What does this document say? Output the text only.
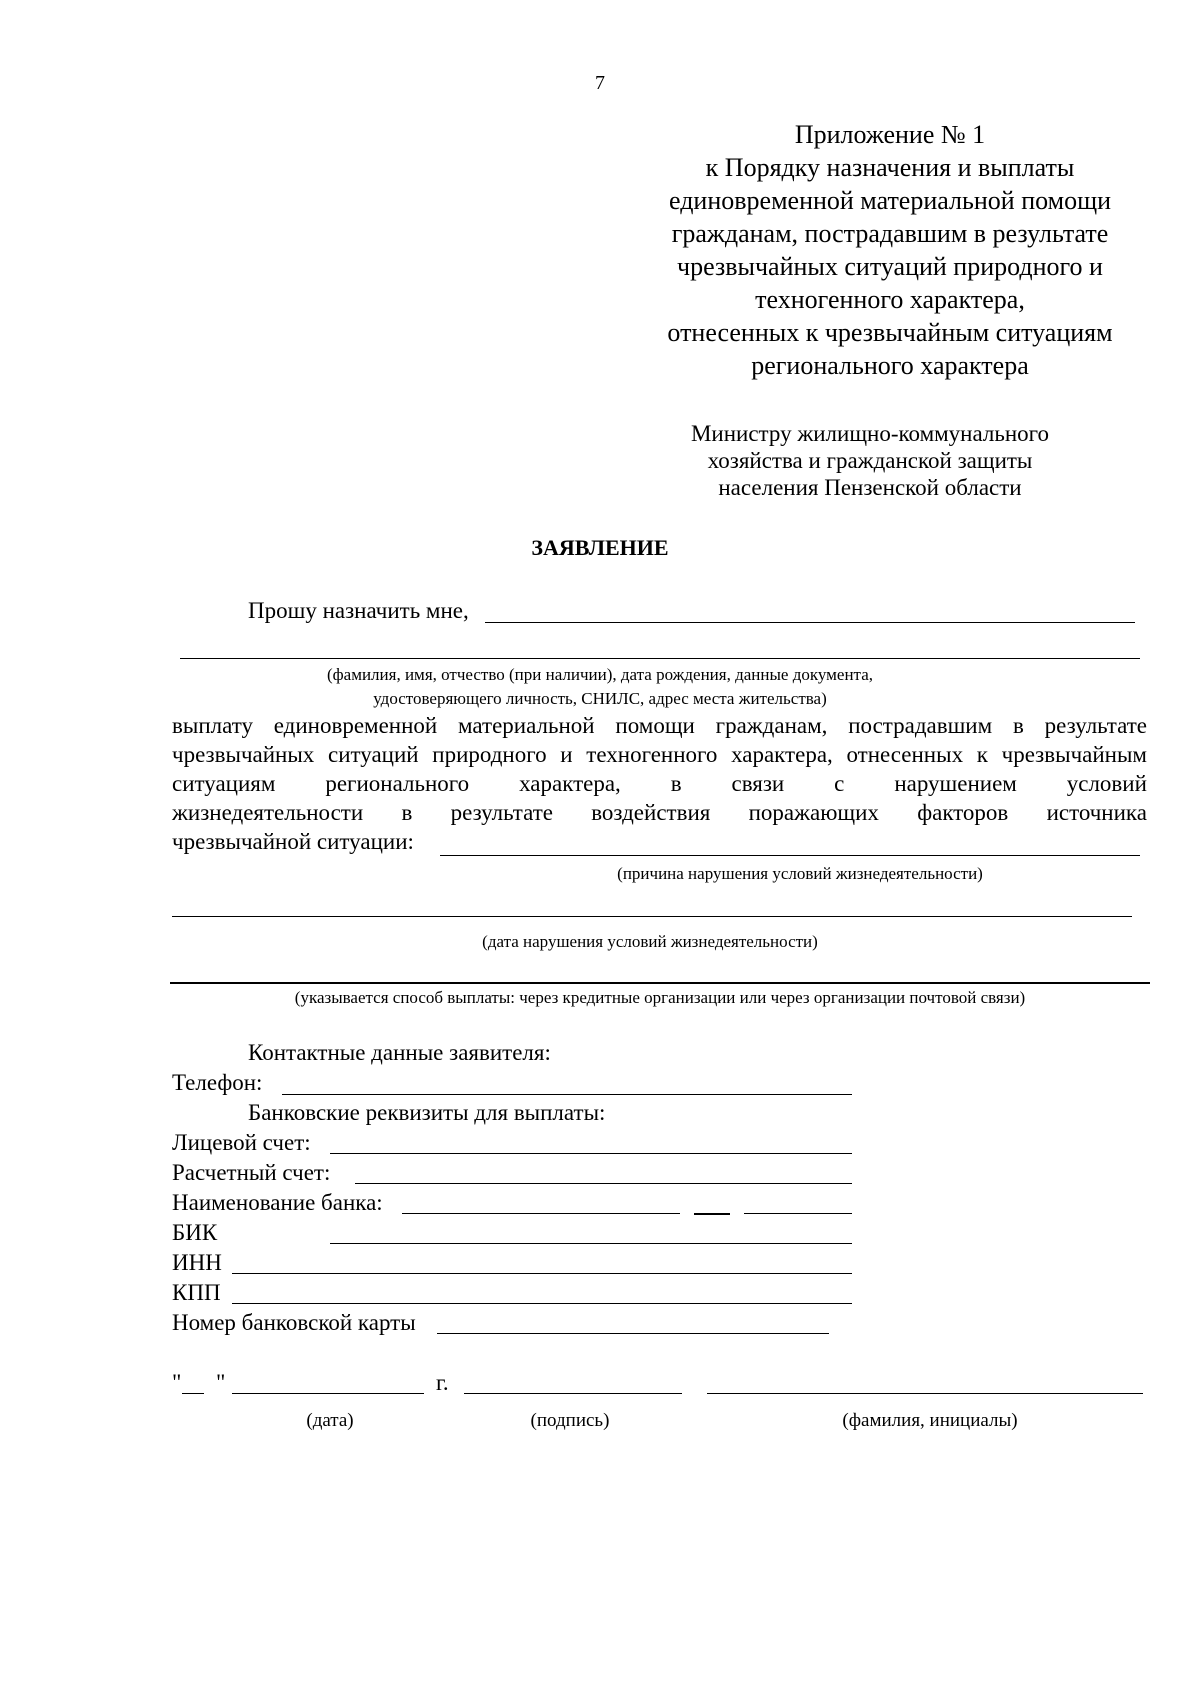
7
Приложение № 1
к Порядку назначения и выплаты
единовременной материальной помощи
гражданам, пострадавшим в результате
чрезвычайных ситуаций природного и
техногенного характера,
отнесенных к чрезвычайным ситуациям
регионального характера
Министру жилищно-коммунального
хозяйства и гражданской защиты
населения Пензенской области
ЗАЯВЛЕНИЕ
Прошу назначить мне,
(фамилия, имя, отчество (при наличии), дата рождения, данные документа,
удостоверяющего личность, СНИЛС, адрес места жительства)
выплату единовременной материальной помощи гражданам, пострадавшим в результате
чрезвычайных ситуаций природного и техногенного характера, отнесенных к чрезвычайным
ситуациям регионального характера, в связи с нарушением условий
жизнедеятельности в результате воздействия поражающих факторов источника
чрезвычайной ситуации:
(причина нарушения условий жизнедеятельности)
(дата нарушения условий жизнедеятельности)
(указывается способ выплаты: через кредитные организации или через организации почтовой связи)
Контактные данные заявителя:
Телефон:
Банковские реквизиты для выплаты:
Лицевой счет:
Расчетный счет:
Наименование банка:
БИК
ИНН
КПП
Номер банковской карты
" "	г.
(дата)	(подпись)	(фамилия, инициалы)
